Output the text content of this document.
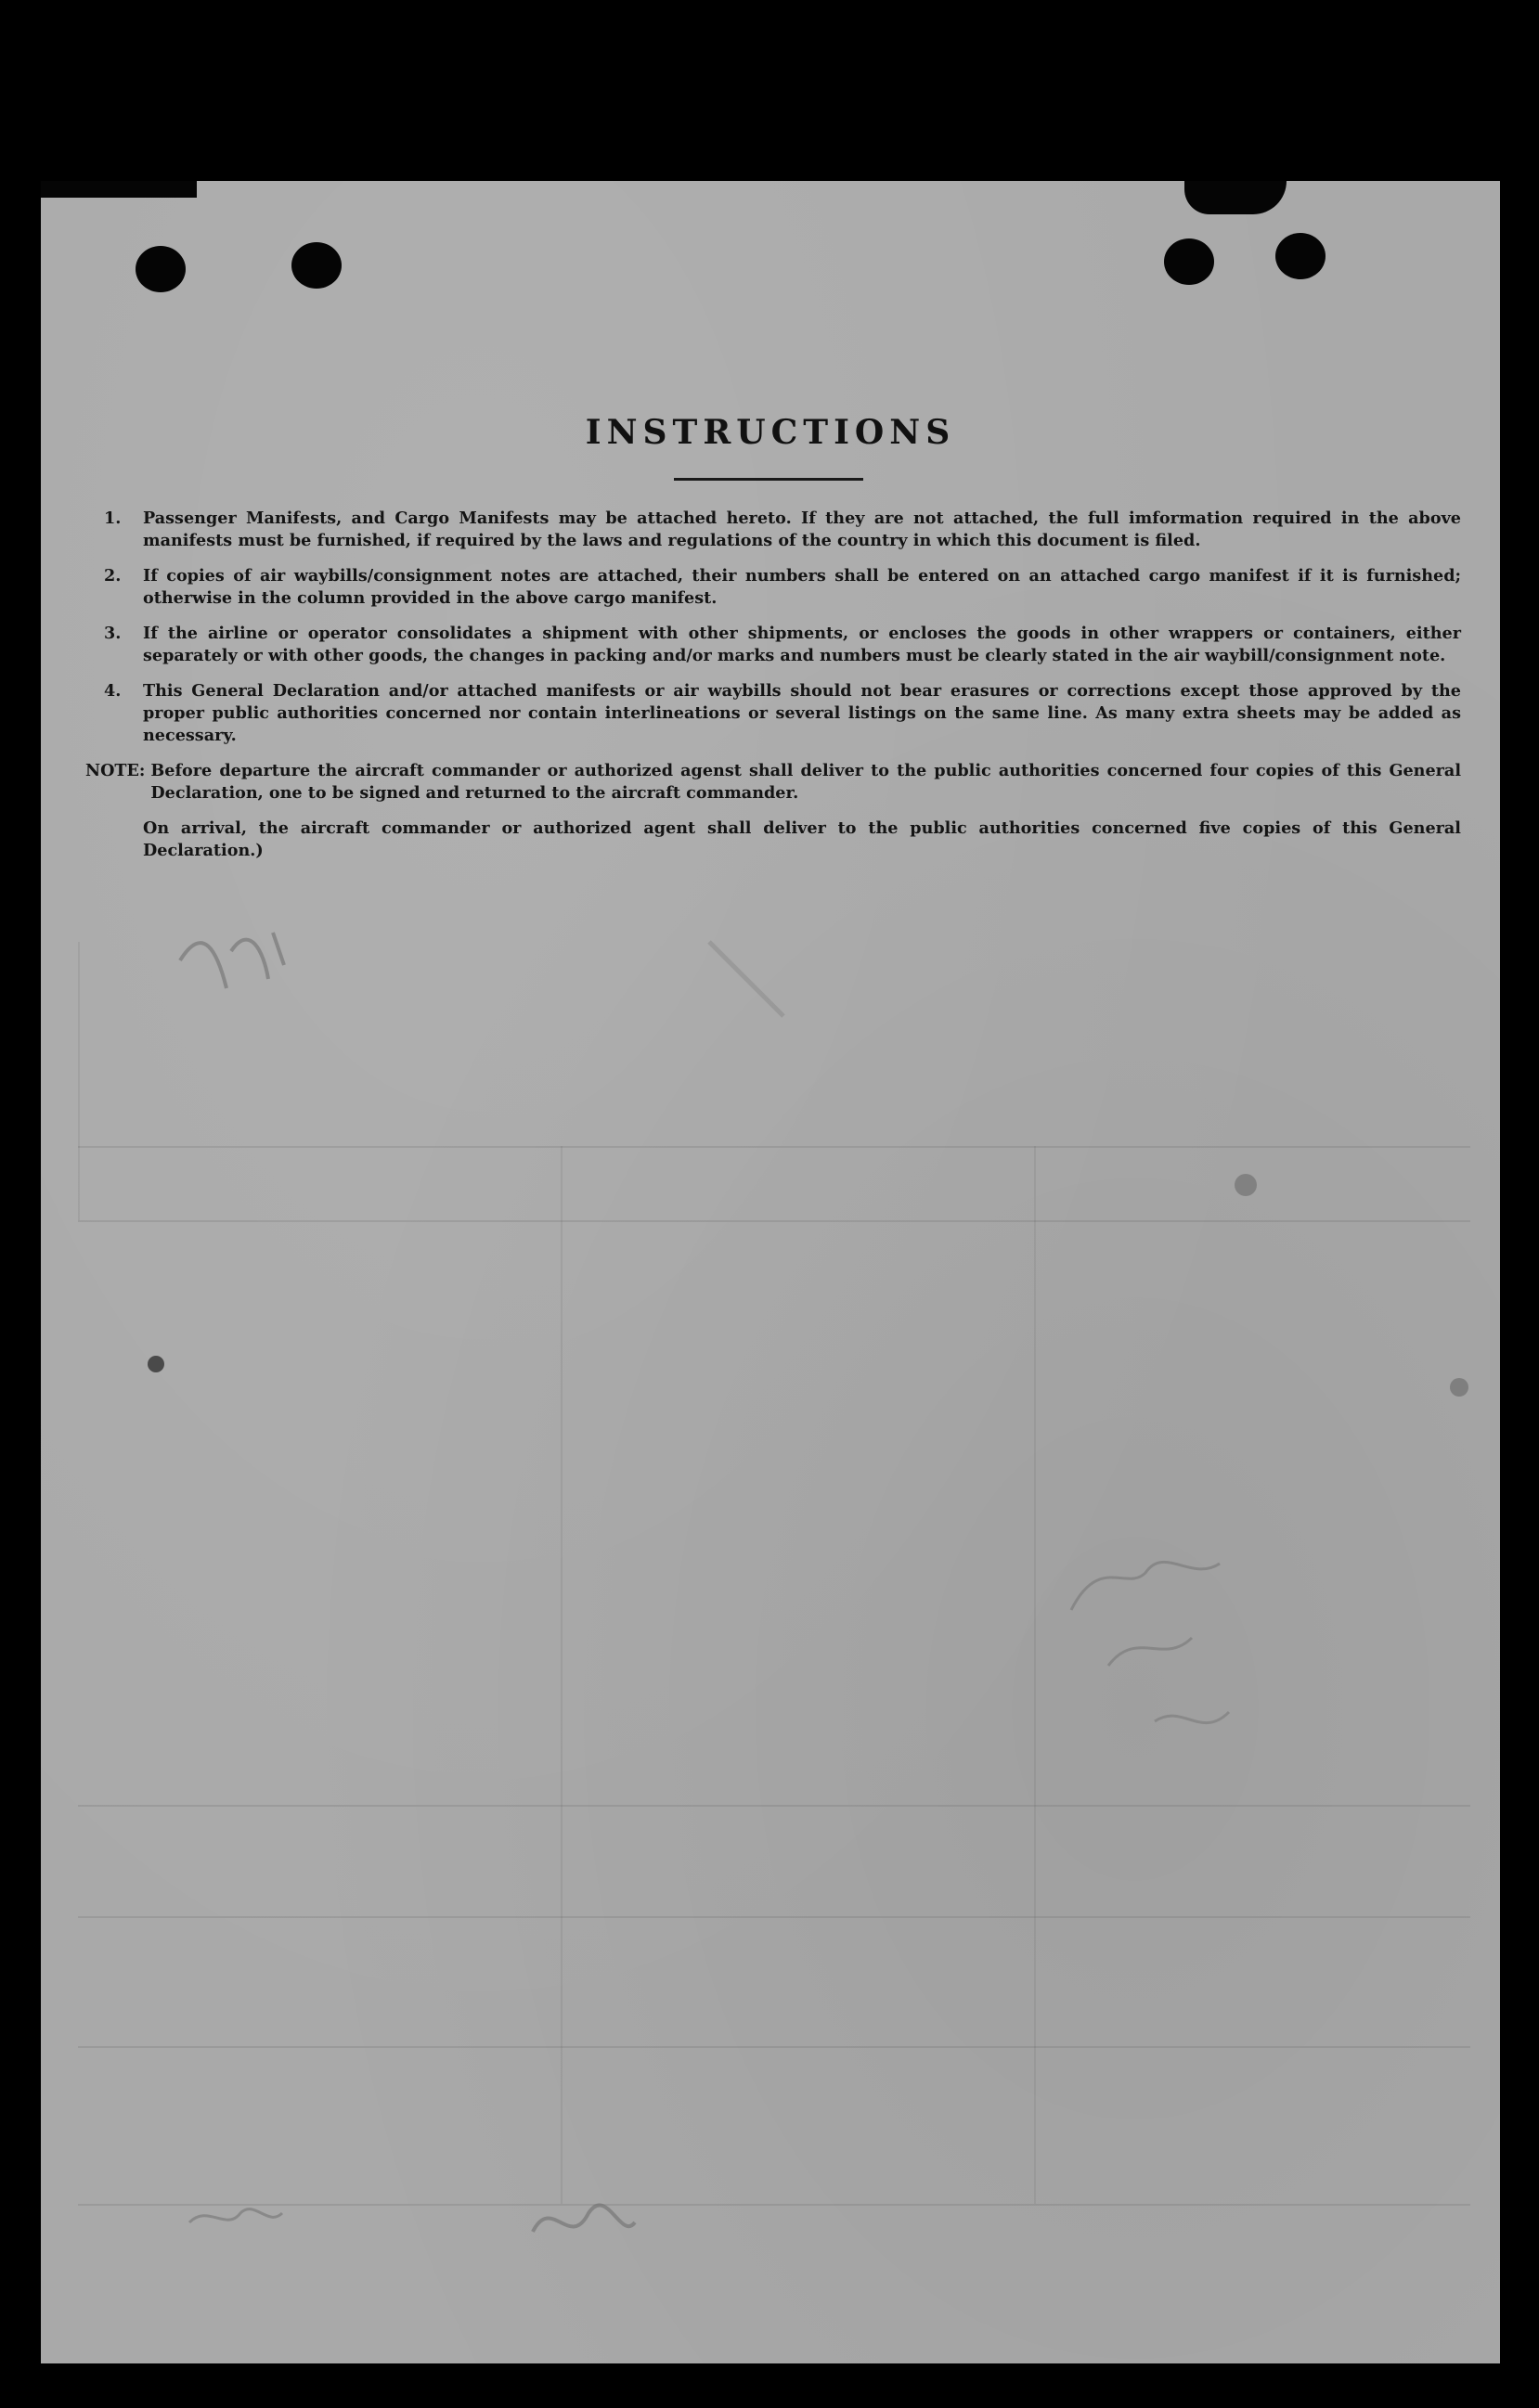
INSTRUCTIONS
1.	Passenger Manifests, and Cargo Manifests may be attached hereto. If they are not attached, the full imformation required in the above manifests must be furnished, if required by the laws and regulations of the country in which this document is filed.
2.	If copies of air waybills/consignment notes are attached, their numbers shall be entered on an attached cargo manifest if it is furnished; otherwise in the column provided in the above cargo manifest.
3.	If the airline or operator consolidates a shipment with other shipments, or encloses the goods in other wrappers or containers, either separately or with other goods, the changes in packing and/or marks and numbers must be clearly stated in the air waybill/consignment note.
4.	This General Declaration and/or attached manifests or air waybills should not bear erasures or corrections except those approved by the proper public authorities concerned nor contain interlineations or several listings on the same line. As many extra sheets may be added as necessary.
NOTE: Before departure the aircraft commander or authorized agenst shall deliver to the public authorities concerned four copies of this General Declaration, one to be signed and returned to the aircraft commander.
On arrival, the aircraft commander or authorized agent shall deliver to the public authorities concerned five copies of this General Declaration.)
